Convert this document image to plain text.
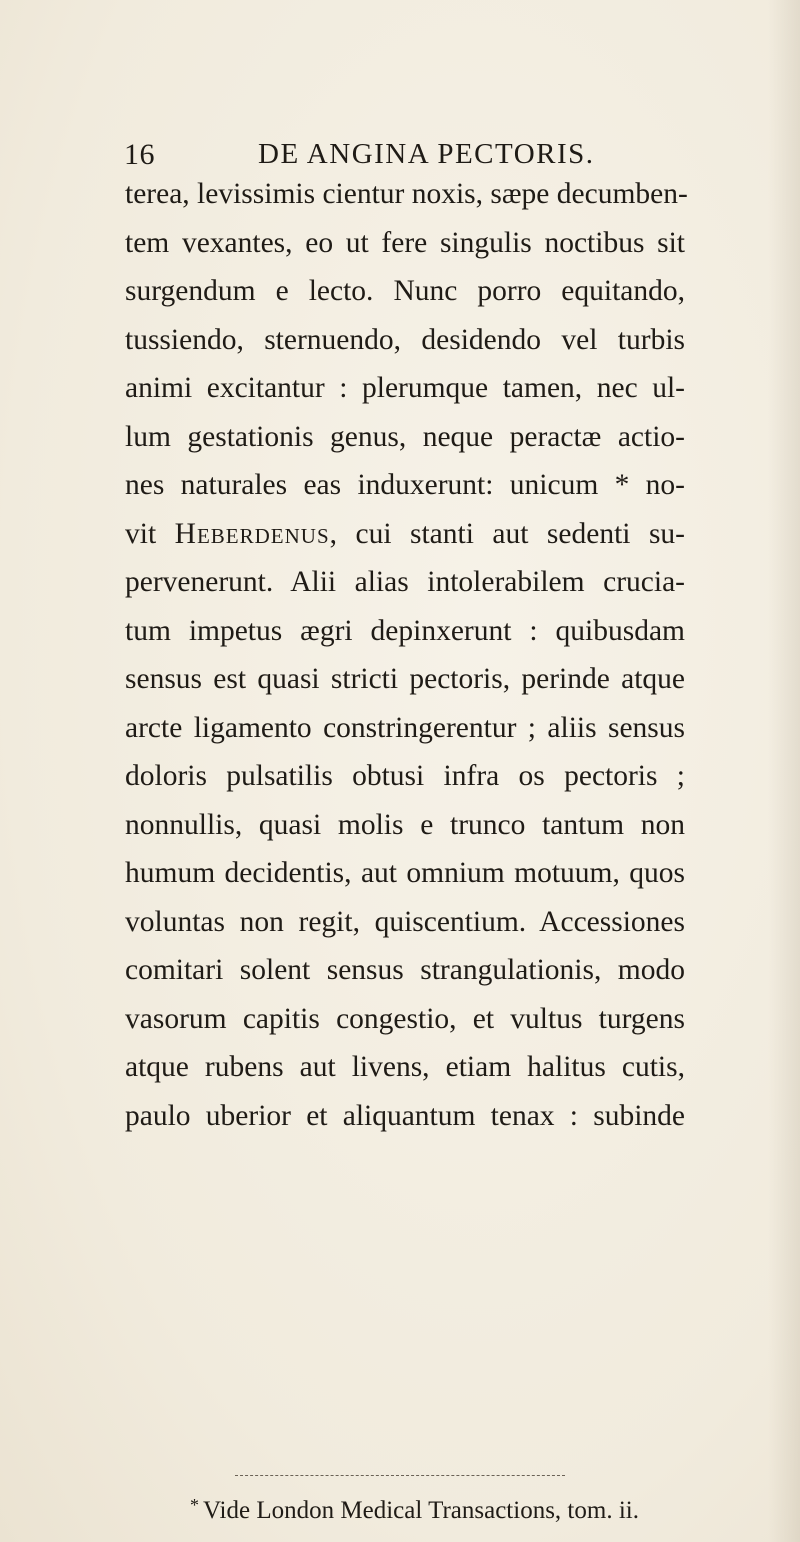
16	DE ANGINA PECTORIS.
terea, levissimis cientur noxis, sæpe decumben-
tem vexantes, eo ut fere singulis noctibus sit
surgendum e lecto. Nunc porro equitando,
tussiendo, sternuendo, desidendo vel turbis
animi excitantur : plerumque tamen, nec ul-
lum gestationis genus, neque peractæ actio-
nes naturales eas induxerunt: unicum * no-
vit Heberdenus, cui stanti aut sedenti su-
pervenerunt. Alii alias intolerabilem crucia-
tum impetus ægri depinxerunt : quibusdam
sensus est quasi stricti pectoris, perinde atque
arcte ligamento constringerentur ; aliis sensus
doloris pulsatilis obtusi infra os pectoris ;
nonnullis, quasi molis e trunco tantum non
humum decidentis, aut omnium motuum, quos
voluntas non regit, quiscentium. Accessiones
comitari solent sensus strangulationis, modo
vasorum capitis congestio, et vultus turgens
atque rubens aut livens, etiam halitus cutis,
paulo uberior et aliquantum tenax : subinde
* Vide London Medical Transactions, tom. ii.
